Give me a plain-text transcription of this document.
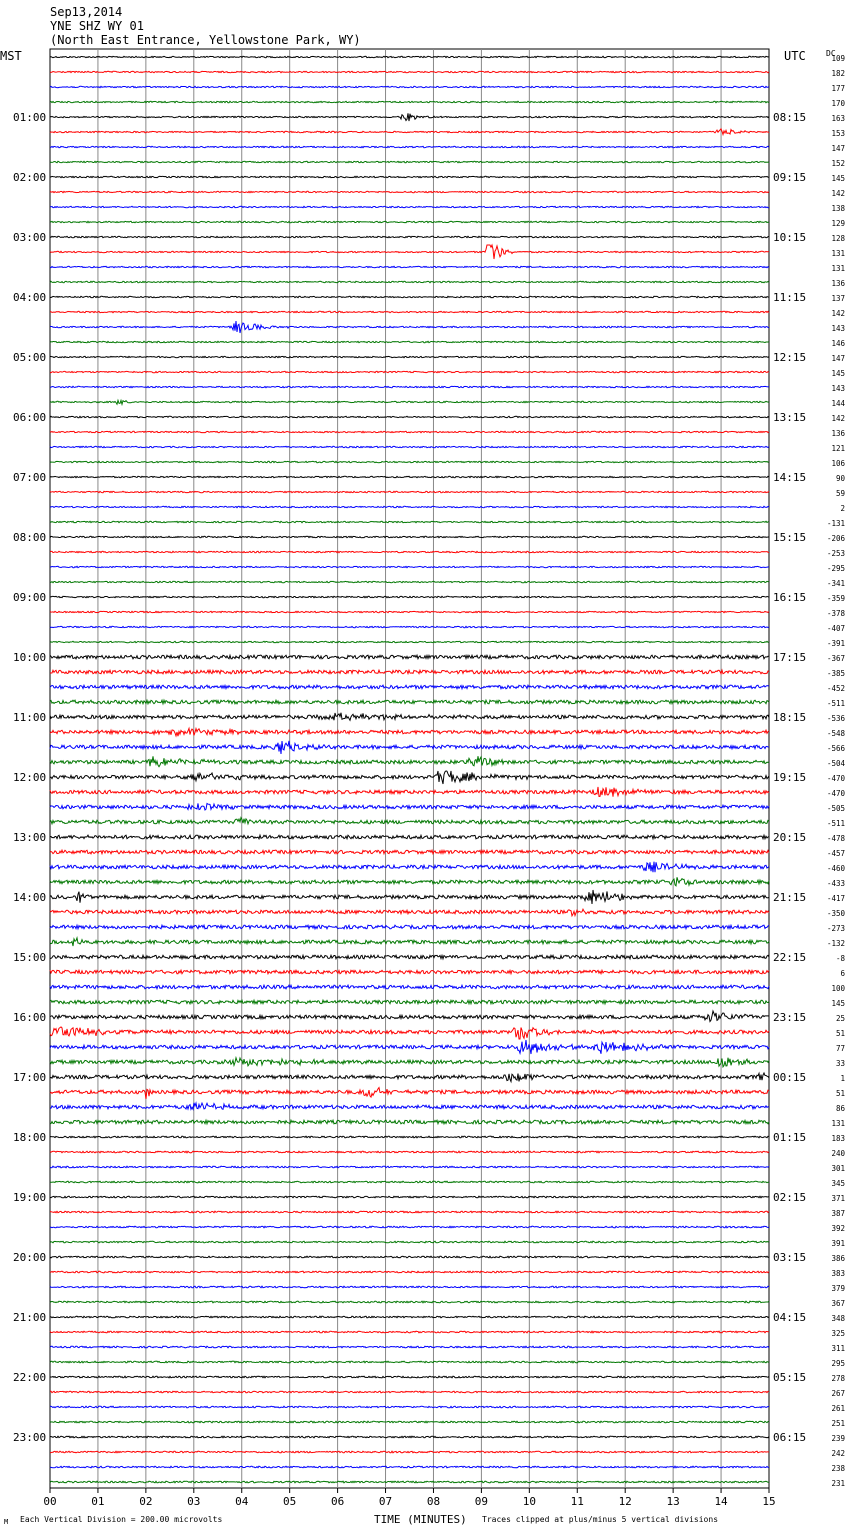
Sep13,2014
YNE SHZ WY 01
(North East Entrance, Yellowstone Park, WY)
MST	UTC	DC
01:00
02:00
03:00
04:00
05:00
06:00
07:00
08:00
09:00
10:00
11:00
12:00
13:00
14:00
15:00
16:00
17:00
18:00
19:00
20:00
21:00
22:00
23:00
08:15
09:15
10:15
11:15
12:15
13:15
14:15
15:15
16:15
17:15
18:15
19:15
20:15
21:15
22:15
23:15
00:15
01:15
02:15
03:15
04:15
05:15
06:15
109
182
177
170
163
153
147
152
145
142
138
129
128
131
131
136
137
142
143
146
147
145
143
144
142
136
121
106
90
59
2
-131
-206
-253
-295
-341
-359
-378
-407
-391
-367
-385
-452
-511
-536
-548
-566
-504
-470
-470
-505
-511
-478
-457
-460
-433
-417
-350
-273
-132
-8
6
100
145
25
51
77
33
1
51
86
131
183
240
301
345
371
387
392
391
386
383
379
367
348
325
311
295
278
267
261
251
239
242
238
231
00	01	02	03	04	05	06	07	08	09	10	11	12	13	14	15
M Each Vertical Division = 200.00 microvolts	TIME (MINUTES) Traces clipped at plus/minus 5 vertical divisions
